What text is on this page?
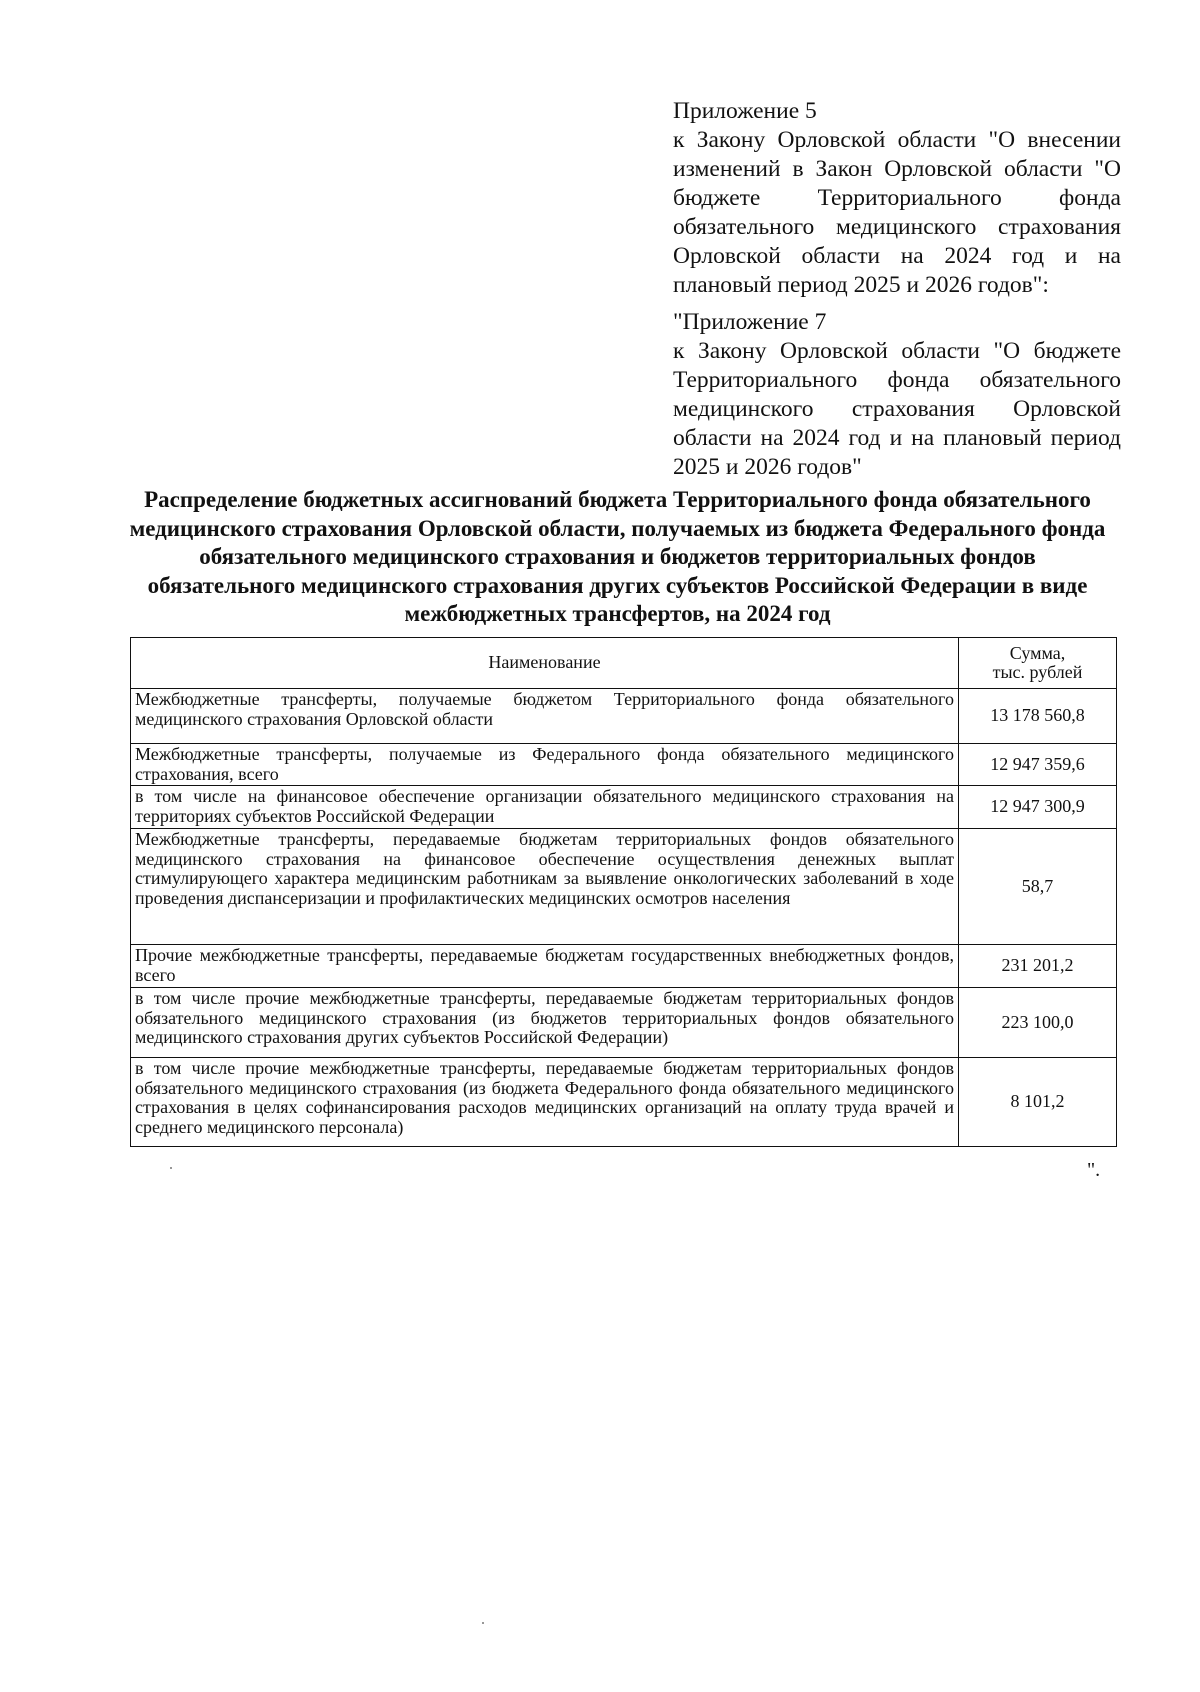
Приложение 5

к Закону Орловской области "О внесении изменений в Закон Орловской области "О бюджете Территориального фонда обязательного медицинского страхования Орловской области на 2024 год и на плановый период 2025 и 2026 годов":

"Приложение 7

к Закону Орловской области "О бюджете Территориального фонда обязательного медицинского страхования Орловской области на 2024 год и на плановый период 2025 и 2026 годов"

Распределение бюджетных ассигнований бюджета Территориального фонда обязательного медицинского страхования Орловской области, получаемых из бюджета Федерального фонда обязательного медицинского страхования и бюджетов территориальных фондов обязательного медицинского страхования других субъектов Российской Федерации в виде межбюджетных трансфертов, на 2024 год
Наименование	Сумма,
тыс. рублей

Межбюджетные трансферты, получаемые бюджетом Территориального фонда обязательного медицинского страхования Орловской области	13 178 560,8

Межбюджетные трансферты, получаемые из Федерального фонда обязательного медицинского страхования, всего	12 947 359,6

в том числе на финансовое обеспечение организации обязательного медицинского страхования на территориях субъектов Российской Федерации	12 947 300,9

Межбюджетные трансферты, передаваемые бюджетам территориальных фондов обязательного медицинского страхования на финансовое обеспечение осуществления денежных выплат стимулирующего характера медицинским работникам за выявление онкологических заболеваний в ходе проведения диспансеризации и профилактических медицинских осмотров населения	58,7

Прочие межбюджетные трансферты, передаваемые бюджетам государственных внебюджетных фондов, всего	231 201,2

в том числе прочие межбюджетные трансферты, передаваемые бюджетам территориальных фондов обязательного медицинского страхования (из бюджетов территориальных фондов обязательного медицинского страхования других субъектов Российской Федерации)	223 100,0

в том числе прочие межбюджетные трансферты, передаваемые бюджетам территориальных фондов обязательного медицинского страхования (из бюджета Федерального фонда обязательного медицинского страхования в целях софинансирования расходов медицинских организаций на оплату труда врачей и среднего медицинского персонала)	8 101,2
".
